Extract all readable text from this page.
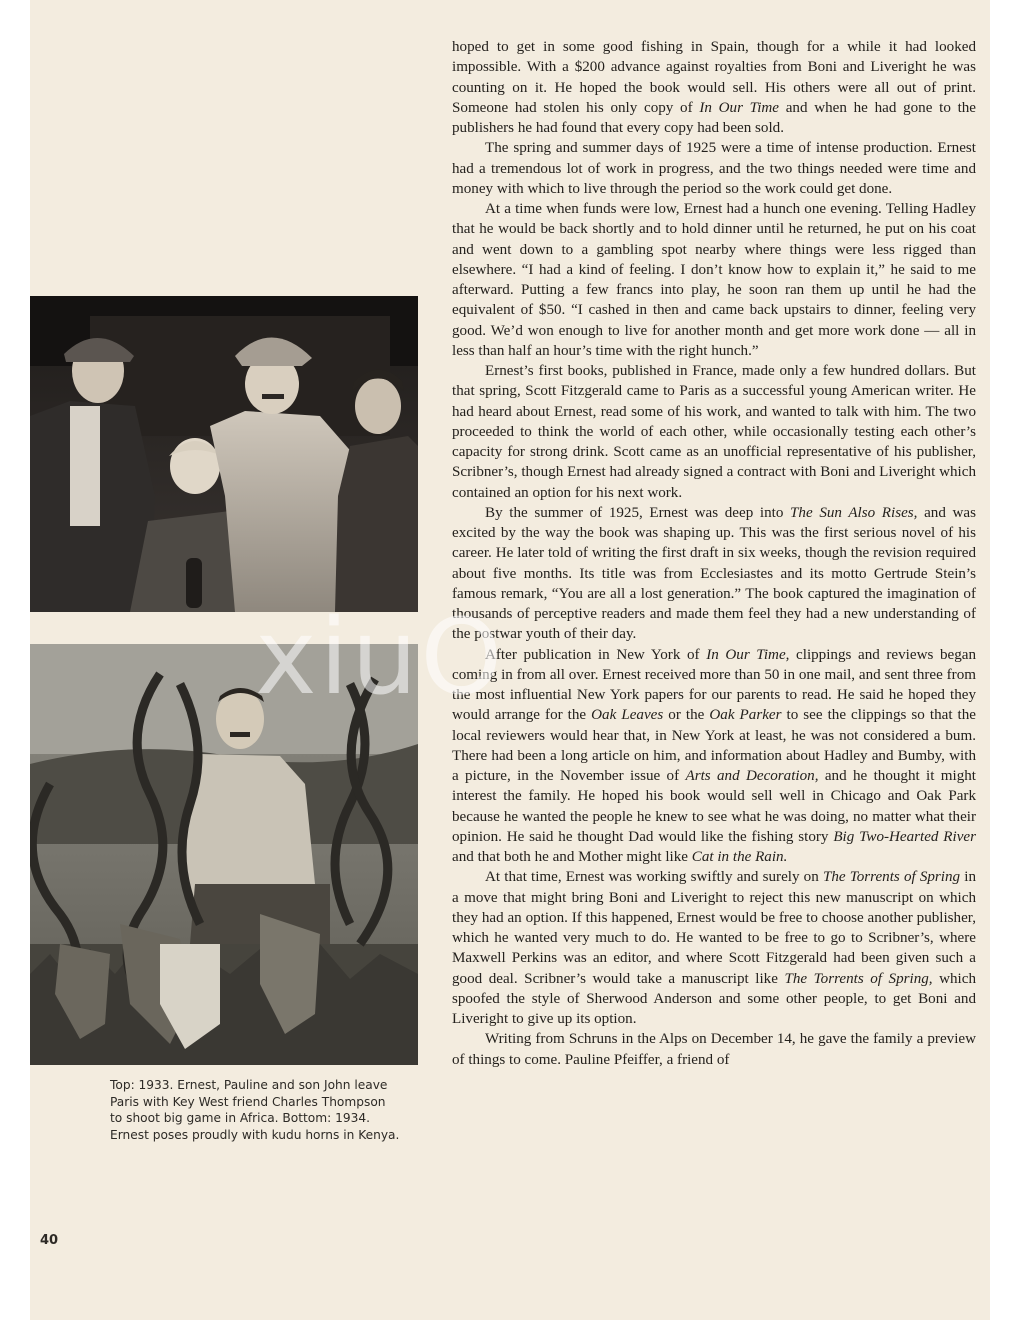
Top: 1933. Ernest, Pauline and son John leave
Paris with Key West friend Charles Thompson
to shoot big game in Africa. Bottom: 1934.
Ernest poses proudly with kudu horns in Kenya.

40

hoped to get in some good fishing in Spain, though for a while it had looked impossible. With a $200 advance against royalties from Boni and Liveright he was counting on it. He hoped the book would sell. His others were all out of print. Someone had stolen his only copy of In Our Time and when he had gone to the publishers he had found that every copy had been sold.

The spring and summer days of 1925 were a time of intense production. Ernest had a tremendous lot of work in progress, and the two things needed were time and money with which to live through the period so the work could get done.

At a time when funds were low, Ernest had a hunch one evening. Telling Hadley that he would be back shortly and to hold dinner until he returned, he put on his coat and went down to a gambling spot nearby where things were less rigged than elsewhere. “I had a kind of feeling. I don’t know how to explain it,” he said to me afterward. Putting a few francs into play, he soon ran them up until he had the equivalent of $50. “I cashed in then and came back upstairs to dinner, feeling very good. We’d won enough to live for another month and get more work done — all in less than half an hour’s time with the right hunch.”

Ernest’s first books, published in France, made only a few hundred dollars. But that spring, Scott Fitzgerald came to Paris as a successful young American writer. He had heard about Ernest, read some of his work, and wanted to talk with him. The two proceeded to think the world of each other, while occasionally testing each other’s capacity for strong drink. Scott came as an unofficial representative of his publisher, Scribner’s, though Ernest had already signed a contract with Boni and Liveright which contained an option for his next work.

By the summer of 1925, Ernest was deep into The Sun Also Rises, and was excited by the way the book was shaping up. This was the first serious novel of his career. He later told of writing the first draft in six weeks, though the revision required about five months. Its title was from Ecclesiastes and its motto Gertrude Stein’s famous remark, “You are all a lost generation.” The book captured the imagination of thousands of perceptive readers and made them feel they had a new understanding of the postwar youth of their day.

After publication in New York of In Our Time, clippings and reviews began coming in from all over. Ernest received more than 50 in one mail, and sent three from the most influential New York papers for our parents to read. He said he hoped they would arrange for the Oak Leaves or the Oak Parker to see the clippings so that the local reviewers would hear that, in New York at least, he was not considered a bum. There had been a long article on him, and information about Hadley and Bumby, with a picture, in the November issue of Arts and Decoration, and he thought it might interest the family. He hoped his book would sell well in Chicago and Oak Park because he wanted the people he knew to see what he was doing, no matter what their opinion. He said he thought Dad would like the fishing story Big Two-Hearted River and that both he and Mother might like Cat in the Rain.

At that time, Ernest was working swiftly and surely on The Torrents of Spring in a move that might bring Boni and Liveright to reject this new manuscript on which they had an option. If this happened, Ernest would be free to choose another publisher, which he wanted very much to do. He wanted to be free to go to Scribner’s, where Maxwell Perkins was an editor, and where Scott Fitzgerald had been given such a good deal. Scribner’s would take a manuscript like The Torrents of Spring, which spoofed the style of Sherwood Anderson and some other people, to get Boni and Liveright to give up its option.

Writing from Schruns in the Alps on December 14, he gave the family a preview of things to come. Pauline Pfeiffer, a friend of

xiuO
